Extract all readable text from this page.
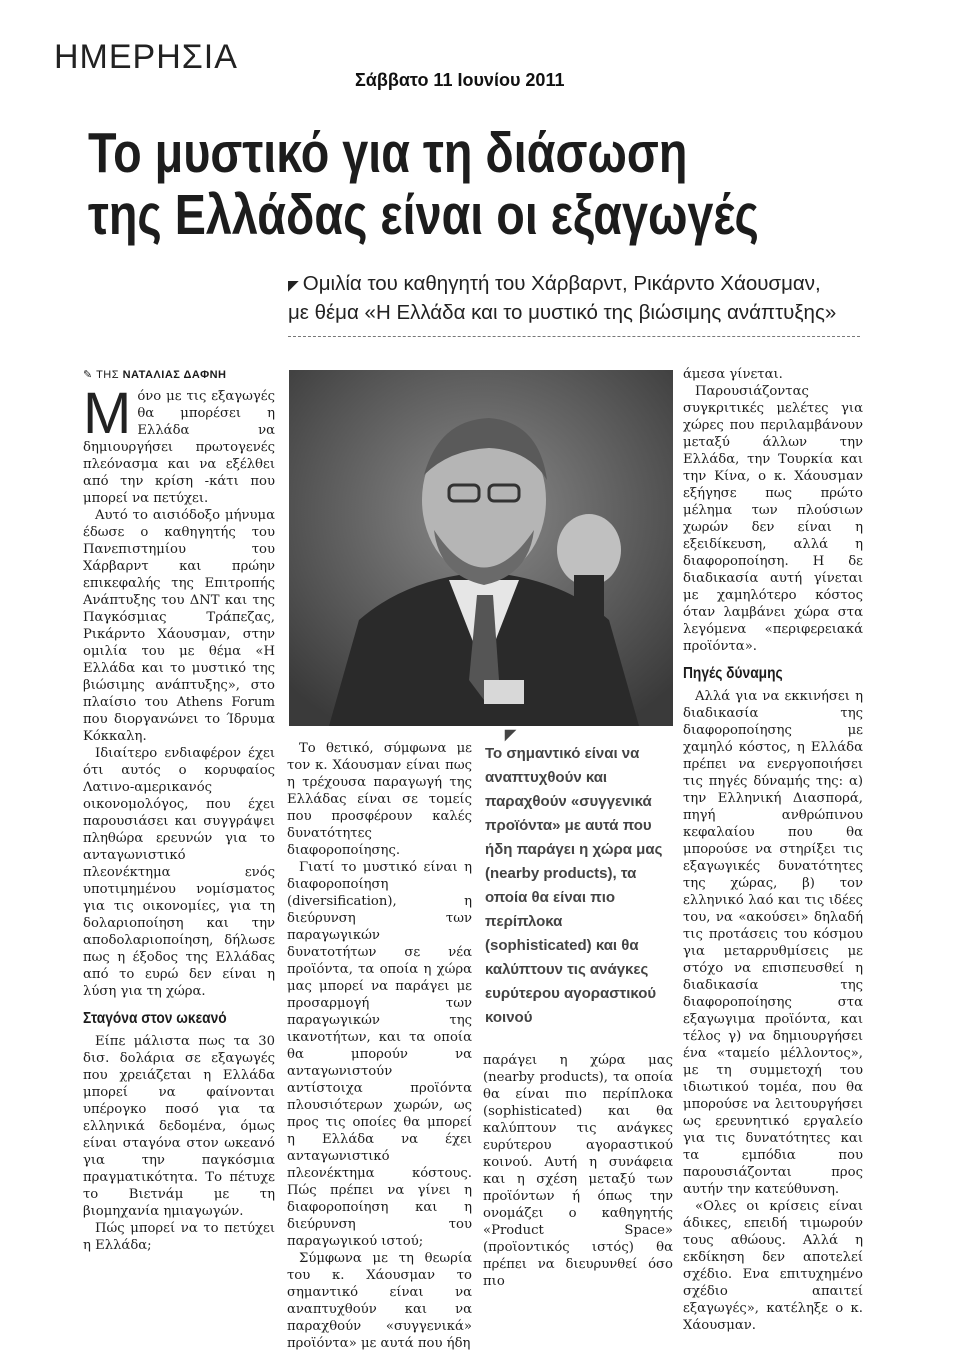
ΗΜΕΡΗΣΙΑ
Σάββατο 11 Ιουνίου 2011
Το μυστικό για τη διάσωση
της Ελλάδας είναι οι εξαγωγές
◤ Ομιλία του καθηγητή του Χάρβαρντ, Ρικάρντο Χάουσμαν,
με θέμα «Η Ελλάδα και το μυστικό της βιώσιμης ανάπτυξης»
✎ ΤΗΣ ΝΑΤΑΛΙΑΣ ΔΑΦΝΗ

Μόνο με τις εξαγωγές θα μπορέσει η Ελλάδα να δημιουργήσει πρωτογενές πλεόνασμα και να εξέλθει από την κρίση -κάτι που μπορεί να πετύχει.

Αυτό το αισιόδοξο μήνυμα έδωσε ο καθηγητής του Πανεπιστημίου του Χάρβαρντ και πρώην επικεφαλής της Επιτροπής Ανάπτυξης του ΔΝΤ και της Παγκόσμιας Τράπεζας, Ρικάρντο Χάουσμαν, στην ομιλία του με θέμα «Η Ελλάδα και το μυστικό της βιώσιμης ανάπτυξης», στο πλαίσιο του Athens Forum που διοργανώνει το Ίδρυμα Κόκκαλη.

Ιδιαίτερο ενδιαφέρον έχει ότι αυτός ο κορυφαίος Λατινο-αμερικανός οικονομολόγος, που έχει παρουσιάσει και συγγράψει πληθώρα ερευνών για το ανταγωνιστικό πλεονέκτημα ενός υποτιμημένου νομίσματος για τις οικονομίες, για τη δολαριοποίηση και την αποδολαριοποίηση, δήλωσε πως η έξοδος της Ελλάδας από το ευρώ δεν είναι η λύση για τη χώρα.

Σταγόνα στον ωκεανό

Είπε μάλιστα πως τα 30 δισ. δολάρια σε εξαγωγές που χρειάζεται η Ελλάδα μπορεί να φαίνονται υπέρογκο ποσό για τα ελληνικά δεδομένα, όμως είναι σταγόνα στον ωκεανό για την παγκόσμια πραγματικότητα. Το πέτυχε το Βιετνάμ με τη βιομηχανία ημιαγωγών.

Πώς μπορεί να το πετύχει η Ελλάδα;

Το θετικό, σύμφωνα με τον κ. Χάουσμαν είναι πως η τρέχουσα παραγωγή της Ελλάδας είναι σε τομείς που προσφέρουν καλές δυνατότητες διαφοροποίησης.

Γιατί το μυστικό είναι η διαφοροποίηση (diversification), η διεύρυνση των παραγωγικών δυνατοτήτων σε νέα προϊόντα, τα οποία η χώρα μας μπορεί να παράγει με προσαρμογή των παραγωγικών της ικανοτήτων, και τα οποία θα μπορούν να ανταγωνιστούν αντίστοιχα προϊόντα πλουσιότερων χωρών, ως προς τις οποίες θα μπορεί η Ελλάδα να έχει ανταγωνιστικό πλεονέκτημα κόστους. Πώς πρέπει να γίνει η διαφοροποίηση και η διεύρυνση του παραγωγικού ιστού;

Σύμφωνα με τη θεωρία του κ. Χάουσμαν το σημαντικό είναι να αναπτυχθούν και να παραχθούν «συγγενικά» προϊόντα» με αυτά που ήδη

◤
Το σημαντικό είναι να αναπτυχθούν και παραχθούν «συγγενικά προϊόντα» με αυτά που ήδη παράγει η χώρα μας (nearby products), τα οποία θα είναι πιο περίπλοκα (sophisticated) και θα καλύπτουν τις ανάγκες ευρύτερου αγοραστικού κοινού

παράγει η χώρα μας (nearby products), τα οποία θα είναι πιο περίπλοκα (sophisticated) και θα καλύπτουν τις ανάγκες ευρύτερου αγοραστικού κοινού. Αυτή η συνάφεια και η σχέση μεταξύ των προϊόντων ή όπως την ονομάζει ο καθηγητής «Product Space» (προϊοντικός ιστός) θα πρέπει να διευρυνθεί όσο πιο

άμεσα γίνεται.

Παρουσιάζοντας συγκριτικές μελέτες για χώρες που περιλαμβάνουν μεταξύ άλλων την Ελλάδα, την Τουρκία και την Κίνα, ο κ. Χάουσμαν εξήγησε πως πρώτο μέλημα των πλούσιων χωρών δεν είναι η εξειδίκευση, αλλά η διαφοροποίηση. Η δε διαδικασία αυτή γίνεται με χαμηλότερο κόστος όταν λαμβάνει χώρα στα λεγόμενα «περιφερειακά προϊόντα».

Πηγές δύναμης

Αλλά για να εκκινήσει η διαδικασία της διαφοροποίησης με χαμηλό κόστος, η Ελλάδα πρέπει να ενεργοποιήσει τις πηγές δύναμής της: α) την Ελληνική Διασπορά, πηγή ανθρώπινου κεφαλαίου που θα μπορούσε να στηρίξει τις εξαγωγικές δυνατότητες της χώρας, β) τον ελληνικό λαό και τις ιδέες του, να «ακούσει» δηλαδή τις προτάσεις του κόσμου για μεταρρυθμίσεις με στόχο να επισπευσθεί η διαδικασία της διαφοροποίησης στα εξαγωγιμα προϊόντα, και τέλος γ) να δημιουργήσει ένα «ταμείο μέλλοντος», με τη συμμετοχή του ιδιωτικού τομέα, που θα μπορούσε να λειτουργήσει ως ερευνητικό εργαλείο για τις δυνατότητες και τα εμπόδια που παρουσιάζονται προς αυτήν την κατεύθυνση.

«Ολες οι κρίσεις είναι άδικες, επειδή τιμωρούν τους αθώους. Αλλά η εκδίκηση δεν αποτελεί σχέδιο. Ενα επιτυχημένο σχέδιο απαιτεί εξαγωγές», κατέληξε ο κ. Χάουσμαν.
